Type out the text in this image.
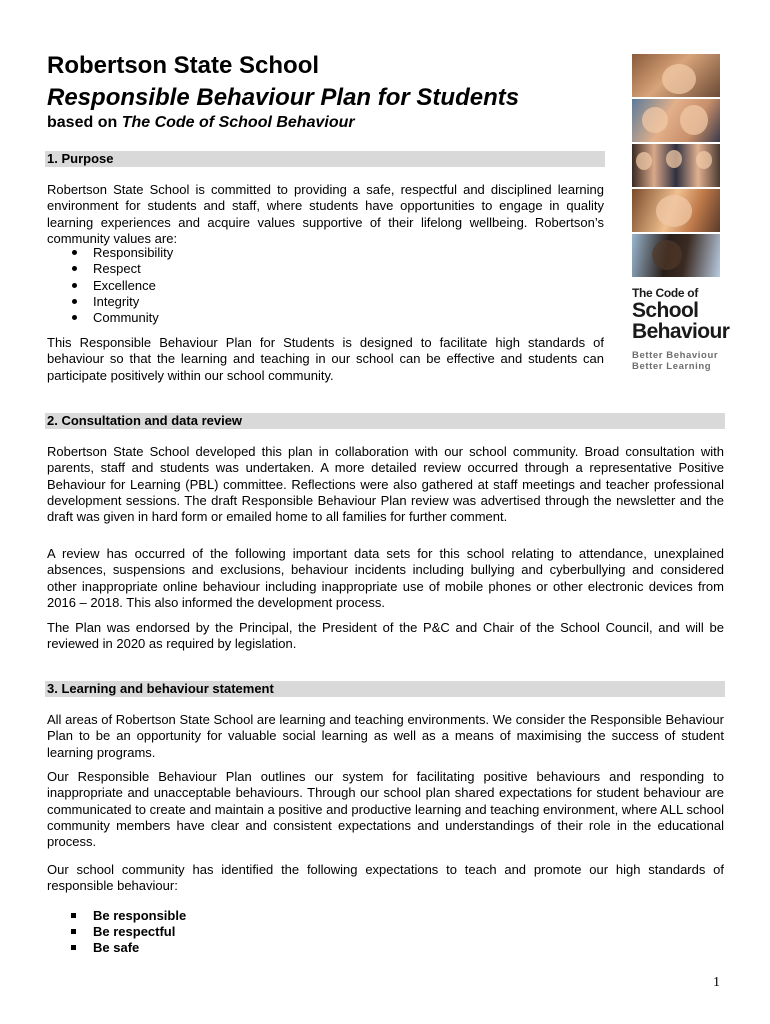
Robertson State School
Responsible Behaviour Plan for Students
based on The Code of School Behaviour
1. Purpose

Robertson State School is committed to providing a safe, respectful and disciplined learning environment for students and staff, where students have opportunities to engage in quality learning experiences and acquire values supportive of their lifelong wellbeing. Robertson’s community values are:

Responsibility
Respect
Excellence
Integrity
Community

This Responsible Behaviour Plan for Students is designed to facilitate high standards of behaviour so that the learning and teaching in our school can be effective and students can participate positively within our school community.

The Code of
School
Behaviour
Better Behaviour
Better Learning
2. Consultation and data review

Robertson State School developed this plan in collaboration with our school community. Broad consultation with parents, staff and students was undertaken. A more detailed review occurred through a representative Positive Behaviour for Learning (PBL) committee. Reflections were also gathered at staff meetings and teacher professional development sessions. The draft Responsible Behaviour Plan review was advertised through the newsletter and the draft was given in hard form or emailed home to all families for further comment.

A review has occurred of the following important data sets for this school relating to attendance, unexplained absences, suspensions and exclusions, behaviour incidents including bullying and cyberbullying and considered other inappropriate online behaviour including inappropriate use of mobile phones or other electronic devices from 2016 – 2018. This also informed the development process.

The Plan was endorsed by the Principal, the President of the P&C and Chair of the School Council, and will be reviewed in 2020 as required by legislation.

3. Learning and behaviour statement

All areas of Robertson State School are learning and teaching environments. We consider the Responsible Behaviour Plan to be an opportunity for valuable social learning as well as a means of maximising the success of student learning programs.

Our Responsible Behaviour Plan outlines our system for facilitating positive behaviours and responding to inappropriate and unacceptable behaviours. Through our school plan shared expectations for student behaviour are communicated to create and maintain a positive and productive learning and teaching environment, where ALL school community members have clear and consistent expectations and understandings of their role in the educational process.

Our school community has identified the following expectations to teach and promote our high standards of responsible behaviour:

Be responsible
Be respectful
Be safe
1
